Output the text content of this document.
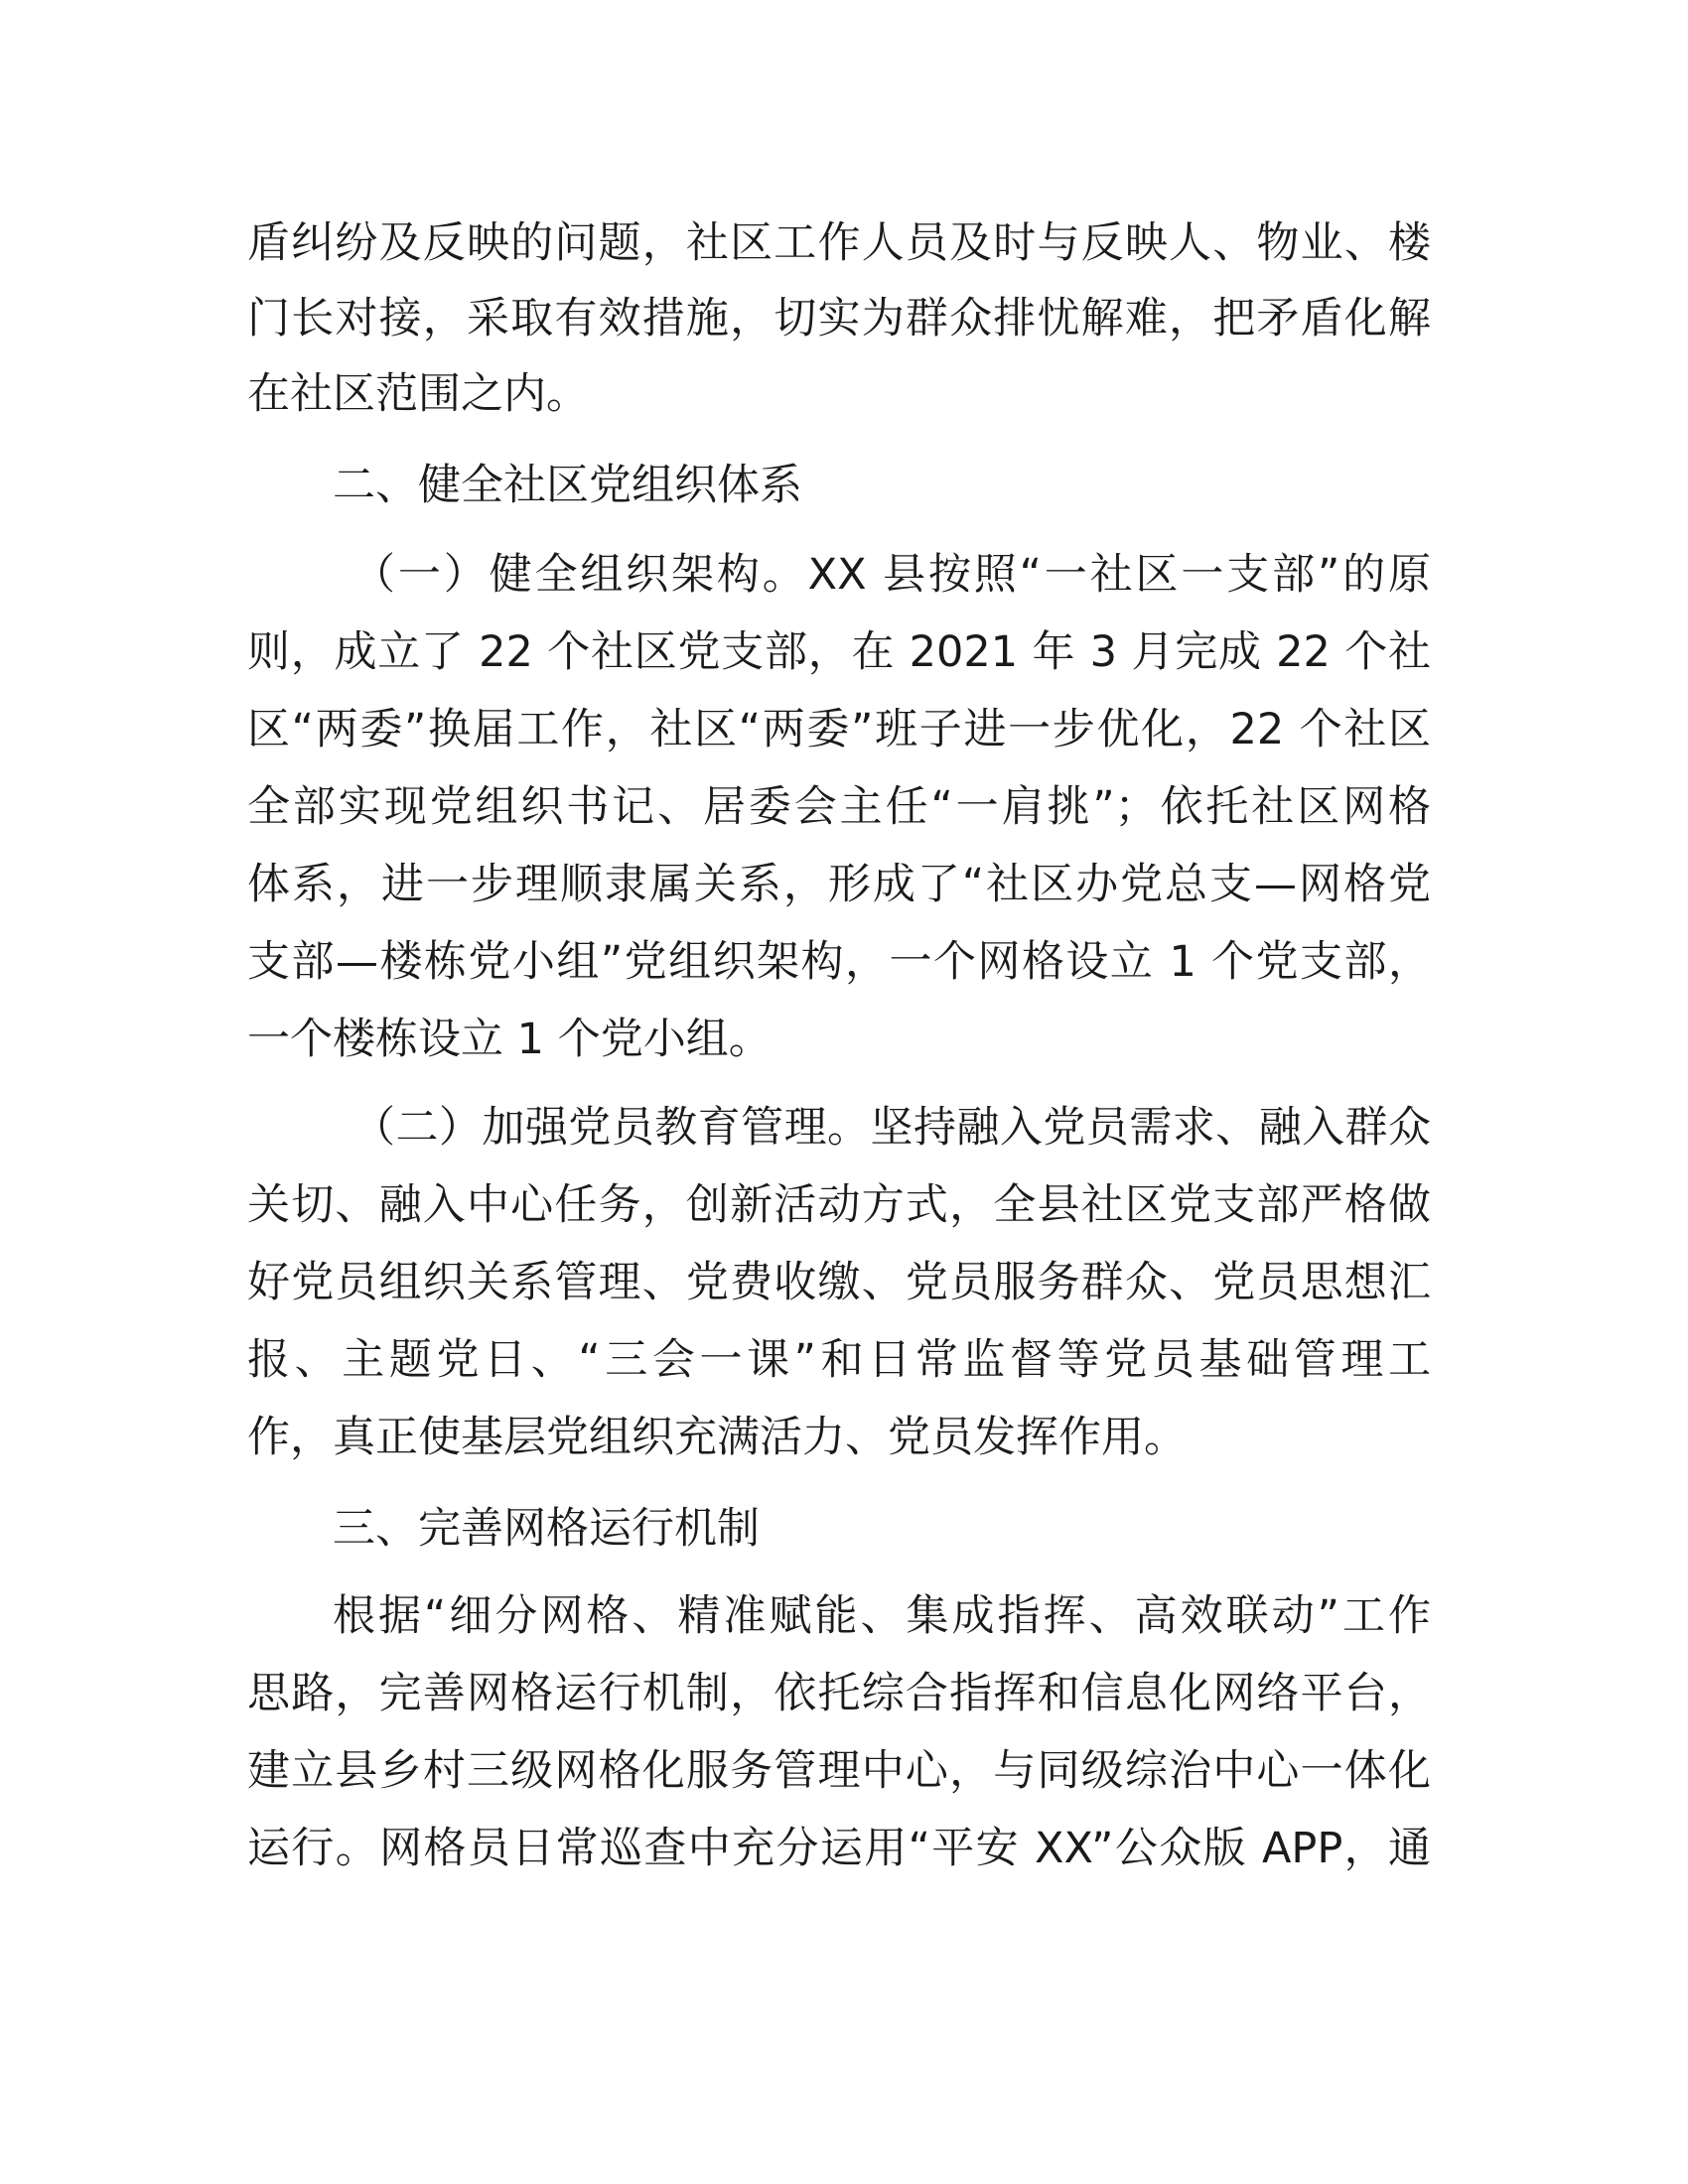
盾纠纷及反映的问题，社区工作人员及时与反映人、物业、楼
门长对接，采取有效措施，切实为群众排忧解难，把矛盾化解
在社区范围之内。
二、健全社区党组织体系
（一）健全组织架构。XX 县按照“一社区一支部”的原
则，成立了 22 个社区党支部，在 2021 年 3 月完成 22 个社
区“两委”换届工作，社区“两委”班子进一步优化，22 个社区
全部实现党组织书记、居委会主任“一肩挑”；依托社区网格
体系，进一步理顺隶属关系，形成了“社区办党总支—网格党
支部—楼栋党小组”党组织架构，一个网格设立 1 个党支部，
一个楼栋设立 1 个党小组。
（二）加强党员教育管理。坚持融入党员需求、融入群众
关切、融入中心任务，创新活动方式，全县社区党支部严格做
好党员组织关系管理、党费收缴、党员服务群众、党员思想汇
报、主题党日、“三会一课”和日常监督等党员基础管理工
作，真正使基层党组织充满活力、党员发挥作用。
三、完善网格运行机制
根据“细分网格、精准赋能、集成指挥、高效联动”工作
思路，完善网格运行机制，依托综合指挥和信息化网络平台，
建立县乡村三级网格化服务管理中心，与同级综治中心一体化
运行。网格员日常巡查中充分运用“平安 XX”公众版 APP，通
